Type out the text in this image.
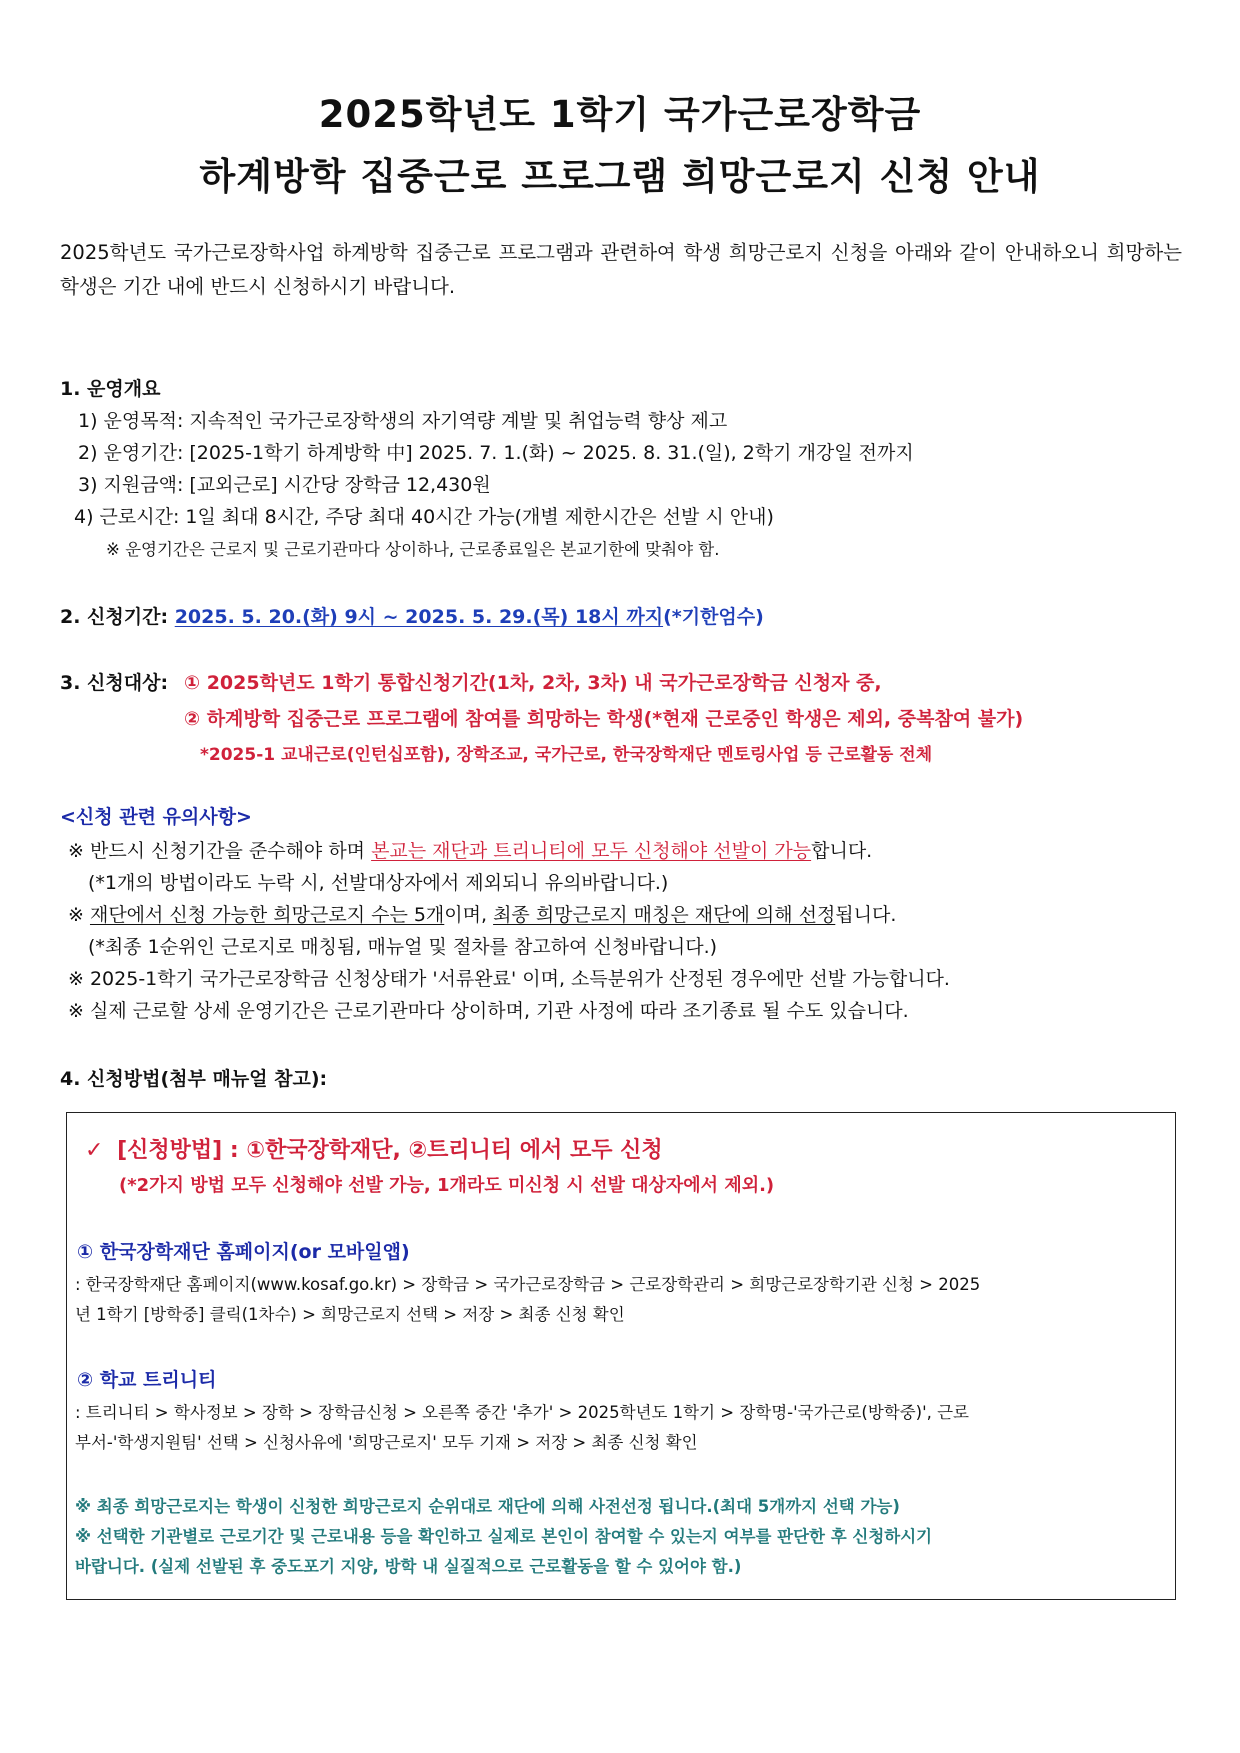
2025학년도 1학기 국가근로장학금
하계방학 집중근로 프로그램 희망근로지 신청 안내
2025학년도 국가근로장학사업 하계방학 집중근로 프로그램과 관련하여 학생 희망근로지 신청을 아래와 같이 안내하오니 희망하는 학생은 기간 내에 반드시 신청하시기 바랍니다.
1. 운영개요
1) 운영목적: 지속적인 국가근로장학생의 자기역량 계발 및 취업능력 향상 제고
2) 운영기간: [2025-1학기 하계방학 中] 2025. 7. 1.(화) ~ 2025. 8. 31.(일), 2학기 개강일 전까지
3) 지원금액: [교외근로] 시간당 장학금 12,430원
4) 근로시간: 1일 최대 8시간, 주당 최대 40시간 가능(개별 제한시간은 선발 시 안내)
※ 운영기간은 근로지 및 근로기관마다 상이하나, 근로종료일은 본교기한에 맞춰야 함.
2. 신청기간: 2025. 5. 20.(화) 9시 ~ 2025. 5. 29.(목) 18시 까지(*기한엄수)
3. 신청대상: ① 2025학년도 1학기 통합신청기간(1차, 2차, 3차) 내 국가근로장학금 신청자 중,
② 하계방학 집중근로 프로그램에 참여를 희망하는 학생(*현재 근로중인 학생은 제외, 중복참여 불가)
*2025-1 교내근로(인턴십포함), 장학조교, 국가근로, 한국장학재단 멘토링사업 등 근로활동 전체
<신청 관련 유의사항>
※ 반드시 신청기간을 준수해야 하며 본교는 재단과 트리니티에 모두 신청해야 선발이 가능합니다.
(*1개의 방법이라도 누락 시, 선발대상자에서 제외되니 유의바랍니다.)
※ 재단에서 신청 가능한 희망근로지 수는 5개이며, 최종 희망근로지 매칭은 재단에 의해 선정됩니다.
(*최종 1순위인 근로지로 매칭됨, 매뉴얼 및 절차를 참고하여 신청바랍니다.)
※ 2025-1학기 국가근로장학금 신청상태가 '서류완료' 이며, 소득분위가 산정된 경우에만 선발 가능합니다.
※ 실제 근로할 상세 운영기간은 근로기관마다 상이하며, 기관 사정에 따라 조기종료 될 수도 있습니다.
4. 신청방법(첨부 매뉴얼 참고):
✓ [신청방법] : ①한국장학재단, ②트리니티 에서 모두 신청
(*2가지 방법 모두 신청해야 선발 가능, 1개라도 미신청 시 선발 대상자에서 제외.)
① 한국장학재단 홈페이지(or 모바일앱)
: 한국장학재단 홈페이지(www.kosaf.go.kr) > 장학금 > 국가근로장학금 > 근로장학관리 > 희망근로장학기관 신청 > 2025
년 1학기 [방학중] 클릭(1차수) > 희망근로지 선택 > 저장 > 최종 신청 확인
② 학교 트리니티
: 트리니티 > 학사정보 > 장학 > 장학금신청 > 오른쪽 중간 '추가' > 2025학년도 1학기 > 장학명-'국가근로(방학중)', 근로
부서-'학생지원팀' 선택 > 신청사유에 '희망근로지' 모두 기재 > 저장 > 최종 신청 확인
※ 최종 희망근로지는 학생이 신청한 희망근로지 순위대로 재단에 의해 사전선정 됩니다.(최대 5개까지 선택 가능)
※ 선택한 기관별로 근로기간 및 근로내용 등을 확인하고 실제로 본인이 참여할 수 있는지 여부를 판단한 후 신청하시기
바랍니다. (실제 선발된 후 중도포기 지양, 방학 내 실질적으로 근로활동을 할 수 있어야 함.)
